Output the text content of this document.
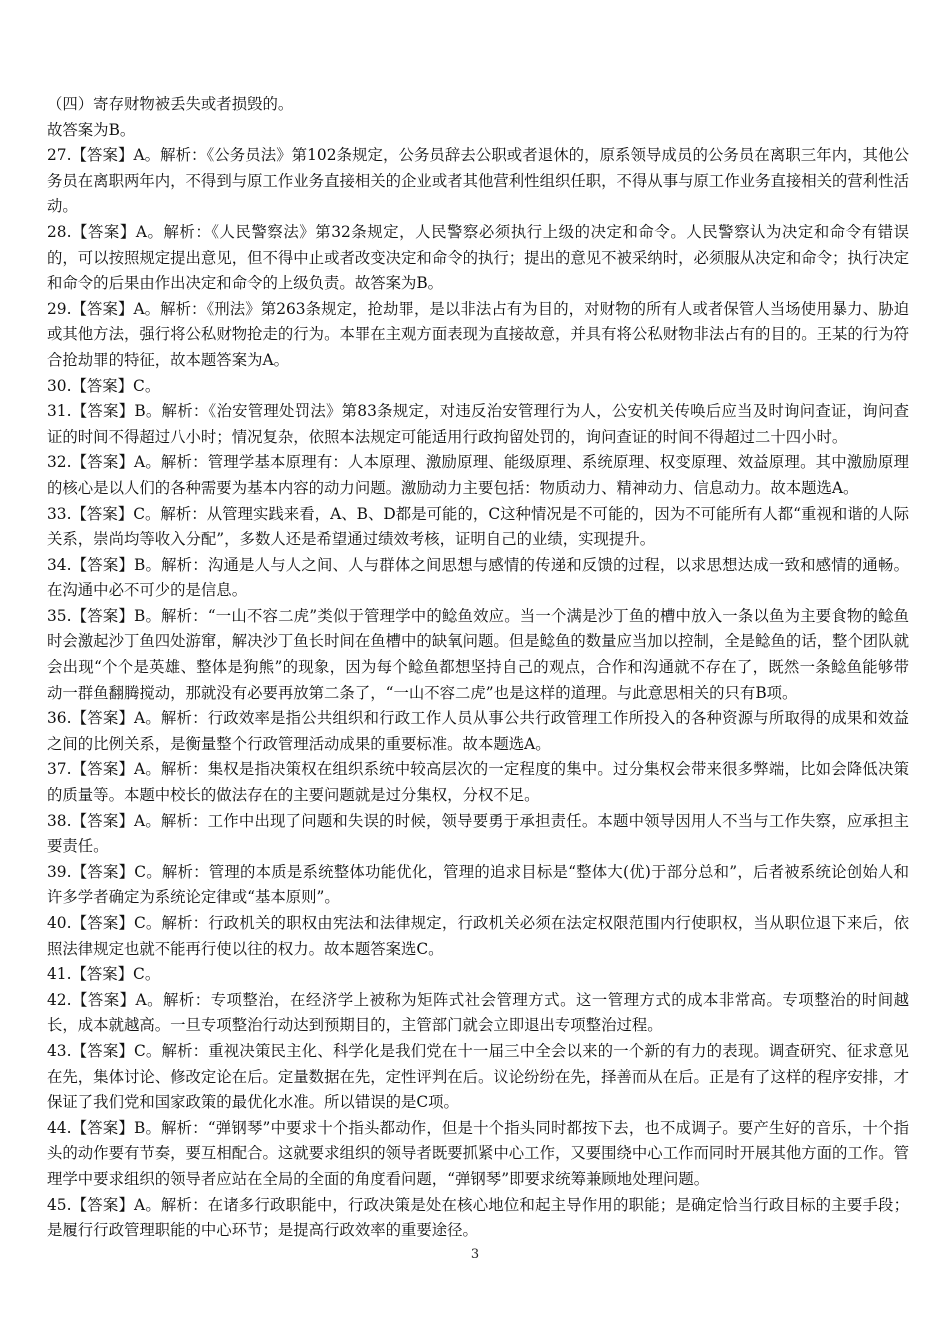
（四）寄存财物被丢失或者损毁的。

故答案为B。

27.【答案】A。解析：《公务员法》第102条规定，公务员辞去公职或者退休的，原系领导成员的公务员在离职三年内，其他公务员在离职两年内，不得到与原工作业务直接相关的企业或者其他营利性组织任职，不得从事与原工作业务直接相关的营利性活动。

28.【答案】A。解析：《人民警察法》第32条规定，人民警察必须执行上级的决定和命令。人民警察认为决定和命令有错误的，可以按照规定提出意见，但不得中止或者改变决定和命令的执行；提出的意见不被采纳时，必须服从决定和命令；执行决定和命令的后果由作出决定和命令的上级负责。故答案为B。

29.【答案】A。解析：《刑法》第263条规定，抢劫罪，是以非法占有为目的，对财物的所有人或者保管人当场使用暴力、胁迫或其他方法，强行将公私财物抢走的行为。本罪在主观方面表现为直接故意，并具有将公私财物非法占有的目的。王某的行为符合抢劫罪的特征，故本题答案为A。

30.【答案】C。

31.【答案】B。解析：《治安管理处罚法》第83条规定，对违反治安管理行为人，公安机关传唤后应当及时询问查证，询问查证的时间不得超过八小时；情况复杂，依照本法规定可能适用行政拘留处罚的，询问查证的时间不得超过二十四小时。

32.【答案】A。解析：管理学基本原理有：人本原理、激励原理、能级原理、系统原理、权变原理、效益原理。其中激励原理的核心是以人们的各种需要为基本内容的动力问题。激励动力主要包括：物质动力、精神动力、信息动力。故本题选A。

33.【答案】C。解析：从管理实践来看，A、B、D都是可能的，C这种情况是不可能的，因为不可能所有人都“重视和谐的人际关系，崇尚均等收入分配”，多数人还是希望通过绩效考核，证明自己的业绩，实现提升。

34.【答案】B。解析：沟通是人与人之间、人与群体之间思想与感情的传递和反馈的过程，以求思想达成一致和感情的通畅。在沟通中必不可少的是信息。

35.【答案】B。解析：“一山不容二虎”类似于管理学中的鲶鱼效应。当一个满是沙丁鱼的槽中放入一条以鱼为主要食物的鲶鱼时会激起沙丁鱼四处游窜，解决沙丁鱼长时间在鱼槽中的缺氧问题。但是鲶鱼的数量应当加以控制，全是鲶鱼的话，整个团队就会出现“个个是英雄、整体是狗熊”的现象，因为每个鲶鱼都想坚持自己的观点，合作和沟通就不存在了，既然一条鲶鱼能够带动一群鱼翻腾搅动，那就没有必要再放第二条了，“一山不容二虎”也是这样的道理。与此意思相关的只有B项。

36.【答案】A。解析：行政效率是指公共组织和行政工作人员从事公共行政管理工作所投入的各种资源与所取得的成果和效益之间的比例关系，是衡量整个行政管理活动成果的重要标准。故本题选A。

37.【答案】A。解析：集权是指决策权在组织系统中较高层次的一定程度的集中。过分集权会带来很多弊端，比如会降低决策的质量等。本题中校长的做法存在的主要问题就是过分集权，分权不足。

38.【答案】A。解析：工作中出现了问题和失误的时候，领导要勇于承担责任。本题中领导因用人不当与工作失察，应承担主要责任。

39.【答案】C。解析：管理的本质是系统整体功能优化，管理的追求目标是“整体大(优)于部分总和”，后者被系统论创始人和许多学者确定为系统论定律或“基本原则”。

40.【答案】C。解析：行政机关的职权由宪法和法律规定，行政机关必须在法定权限范围内行使职权，当从职位退下来后，依照法律规定也就不能再行使以往的权力。故本题答案选C。

41.【答案】C。

42.【答案】A。解析：专项整治，在经济学上被称为矩阵式社会管理方式。这一管理方式的成本非常高。专项整治的时间越长，成本就越高。一旦专项整治行动达到预期目的，主管部门就会立即退出专项整治过程。

43.【答案】C。解析：重视决策民主化、科学化是我们党在十一届三中全会以来的一个新的有力的表现。调查研究、征求意见在先，集体讨论、修改定论在后。定量数据在先，定性评判在后。议论纷纷在先，择善而从在后。正是有了这样的程序安排，才保证了我们党和国家政策的最优化水准。所以错误的是C项。

44.【答案】B。解析：“弹钢琴”中要求十个指头都动作，但是十个指头同时都按下去，也不成调子。要产生好的音乐，十个指头的动作要有节奏，要互相配合。这就要求组织的领导者既要抓紧中心工作，又要围绕中心工作而同时开展其他方面的工作。管理学中要求组织的领导者应站在全局的全面的角度看问题，“弹钢琴”即要求统筹兼顾地处理问题。

45.【答案】A。解析：在诸多行政职能中，行政决策是处在核心地位和起主导作用的职能；是确定恰当行政目标的主要手段；是履行行政管理职能的中心环节；是提高行政效率的重要途径。

3
